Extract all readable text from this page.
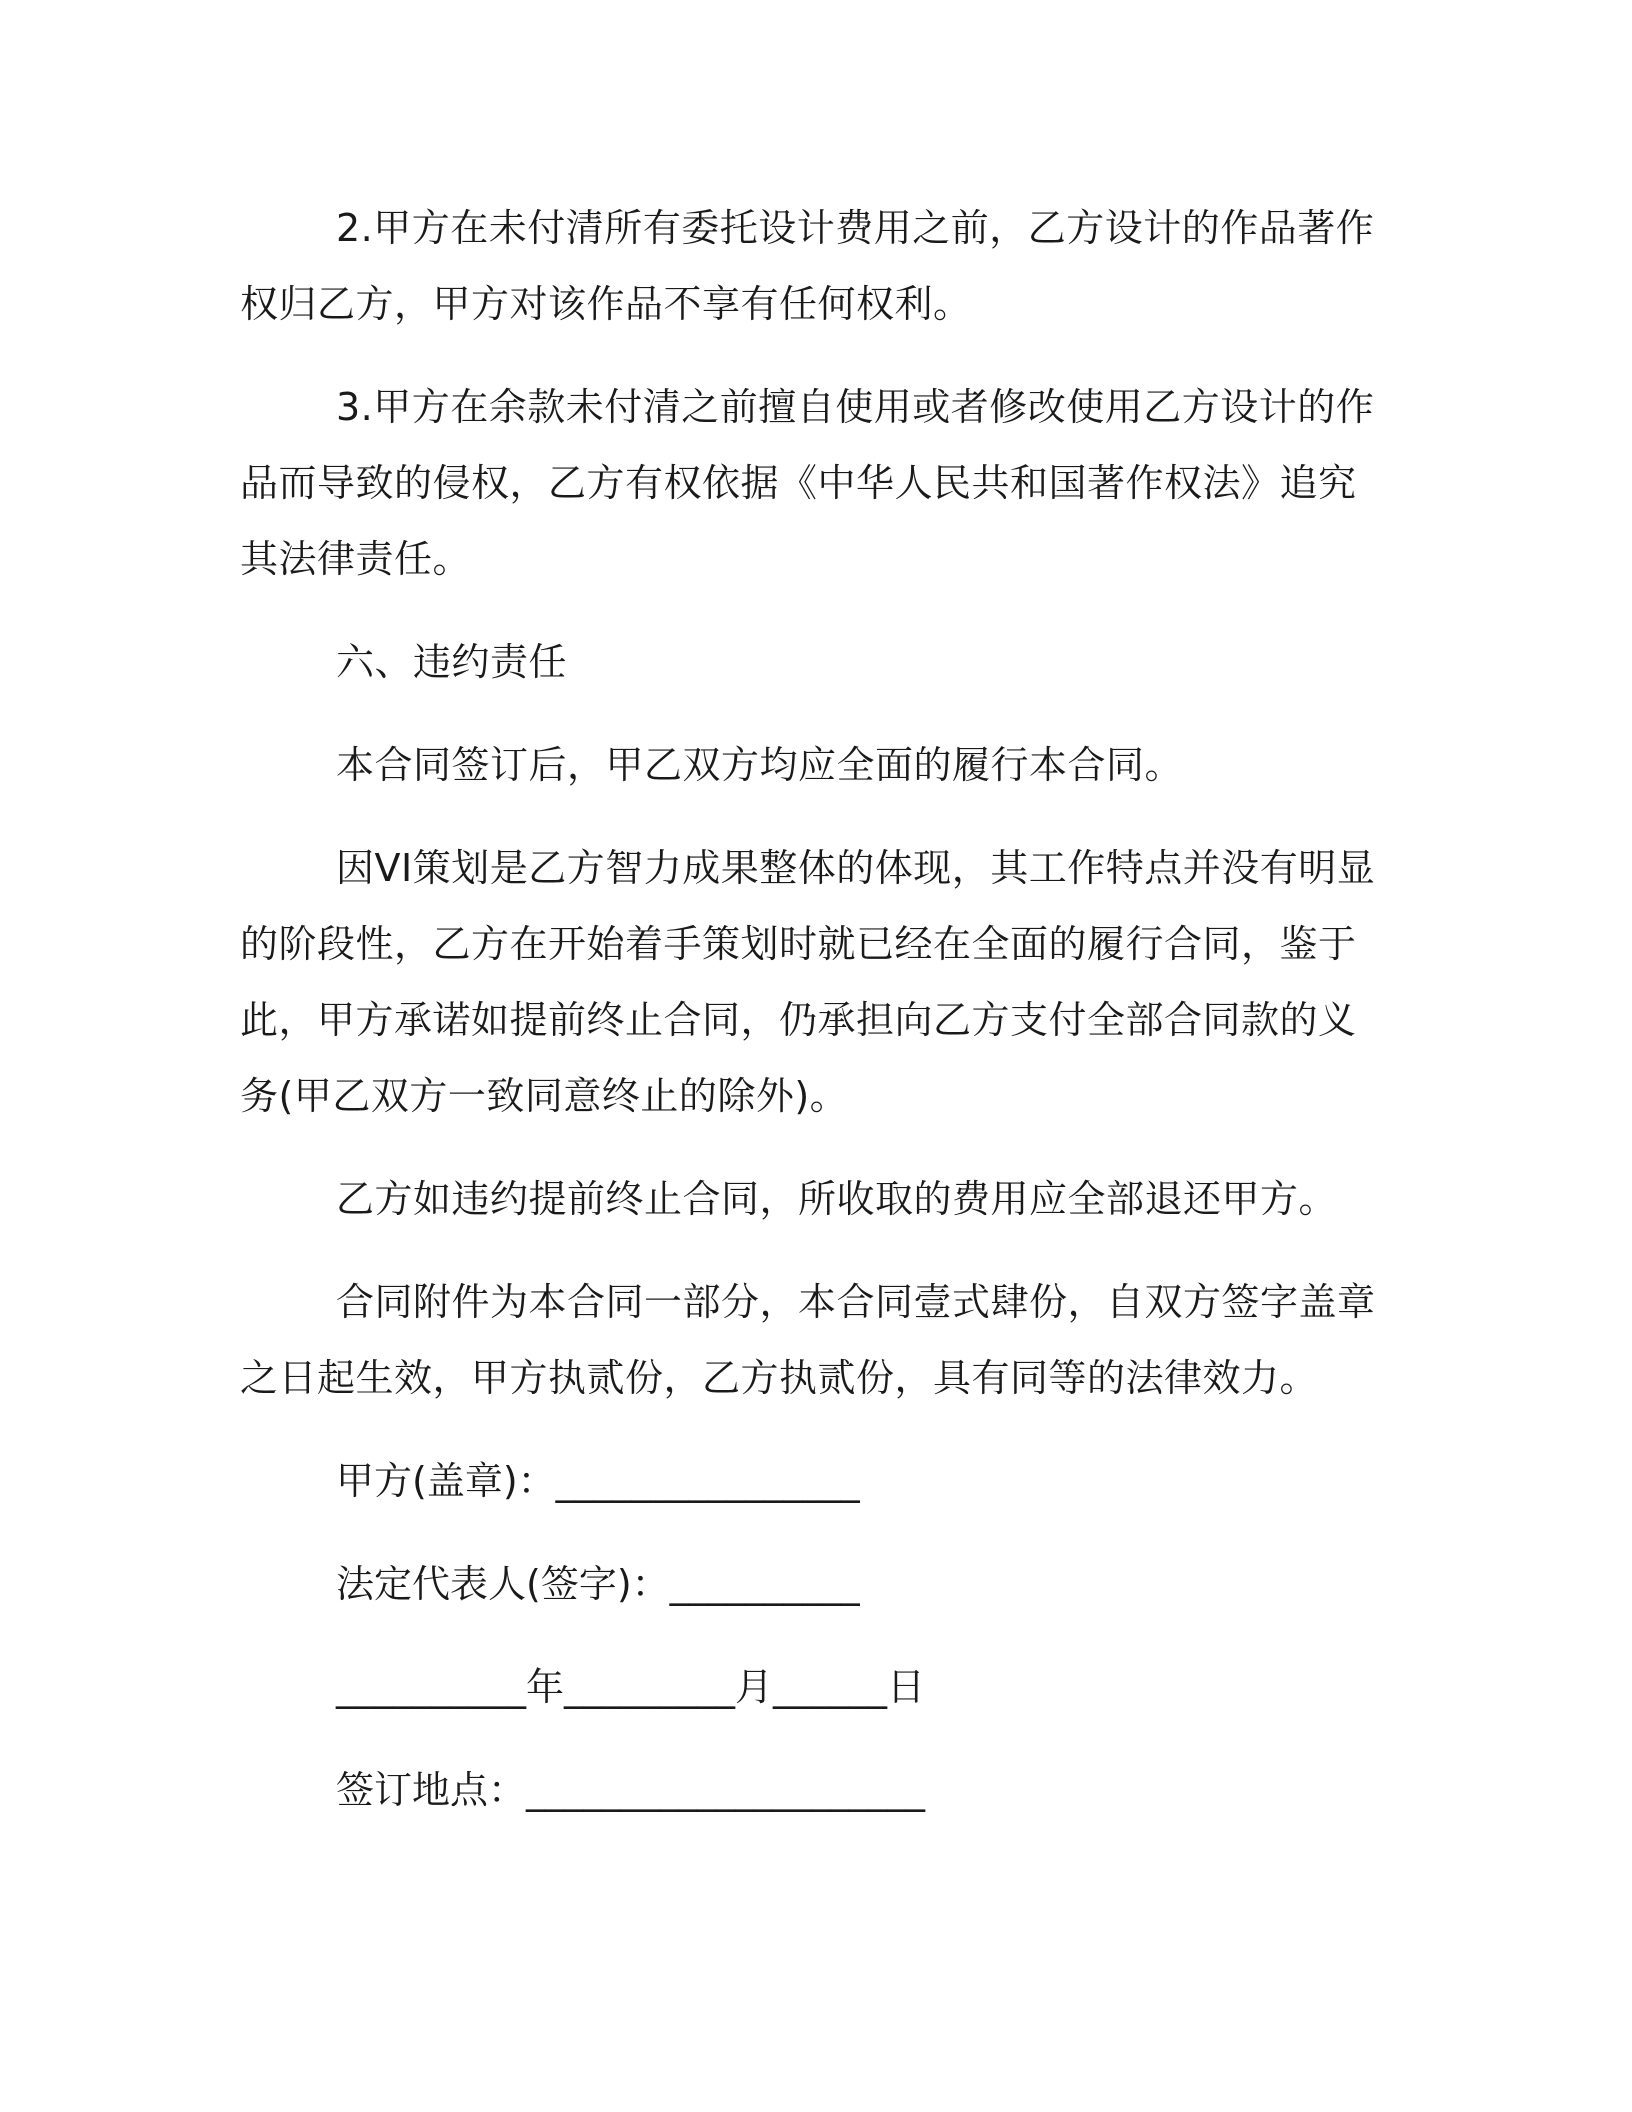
2.甲方在未付清所有委托设计费用之前，乙方设计的作品著作权归乙方，甲方对该作品不享有任何权利。

3.甲方在余款未付清之前擅自使用或者修改使用乙方设计的作品而导致的侵权，乙方有权依据《中华人民共和国著作权法》追究其法律责任。

六、违约责任

本合同签订后，甲乙双方均应全面的履行本合同。

因VI策划是乙方智力成果整体的体现，其工作特点并没有明显的阶段性，乙方在开始着手策划时就已经在全面的履行合同，鉴于此，甲方承诺如提前终止合同，仍承担向乙方支付全部合同款的义务(甲乙双方一致同意终止的除外)。

乙方如违约提前终止合同，所收取的费用应全部退还甲方。

合同附件为本合同一部分，本合同壹式肆份，自双方签字盖章之日起生效，甲方执贰份，乙方执贰份，具有同等的法律效力。

甲方(盖章)：________________

法定代表人(签字)：__________

__________年_________月______日

签订地点：_____________________
